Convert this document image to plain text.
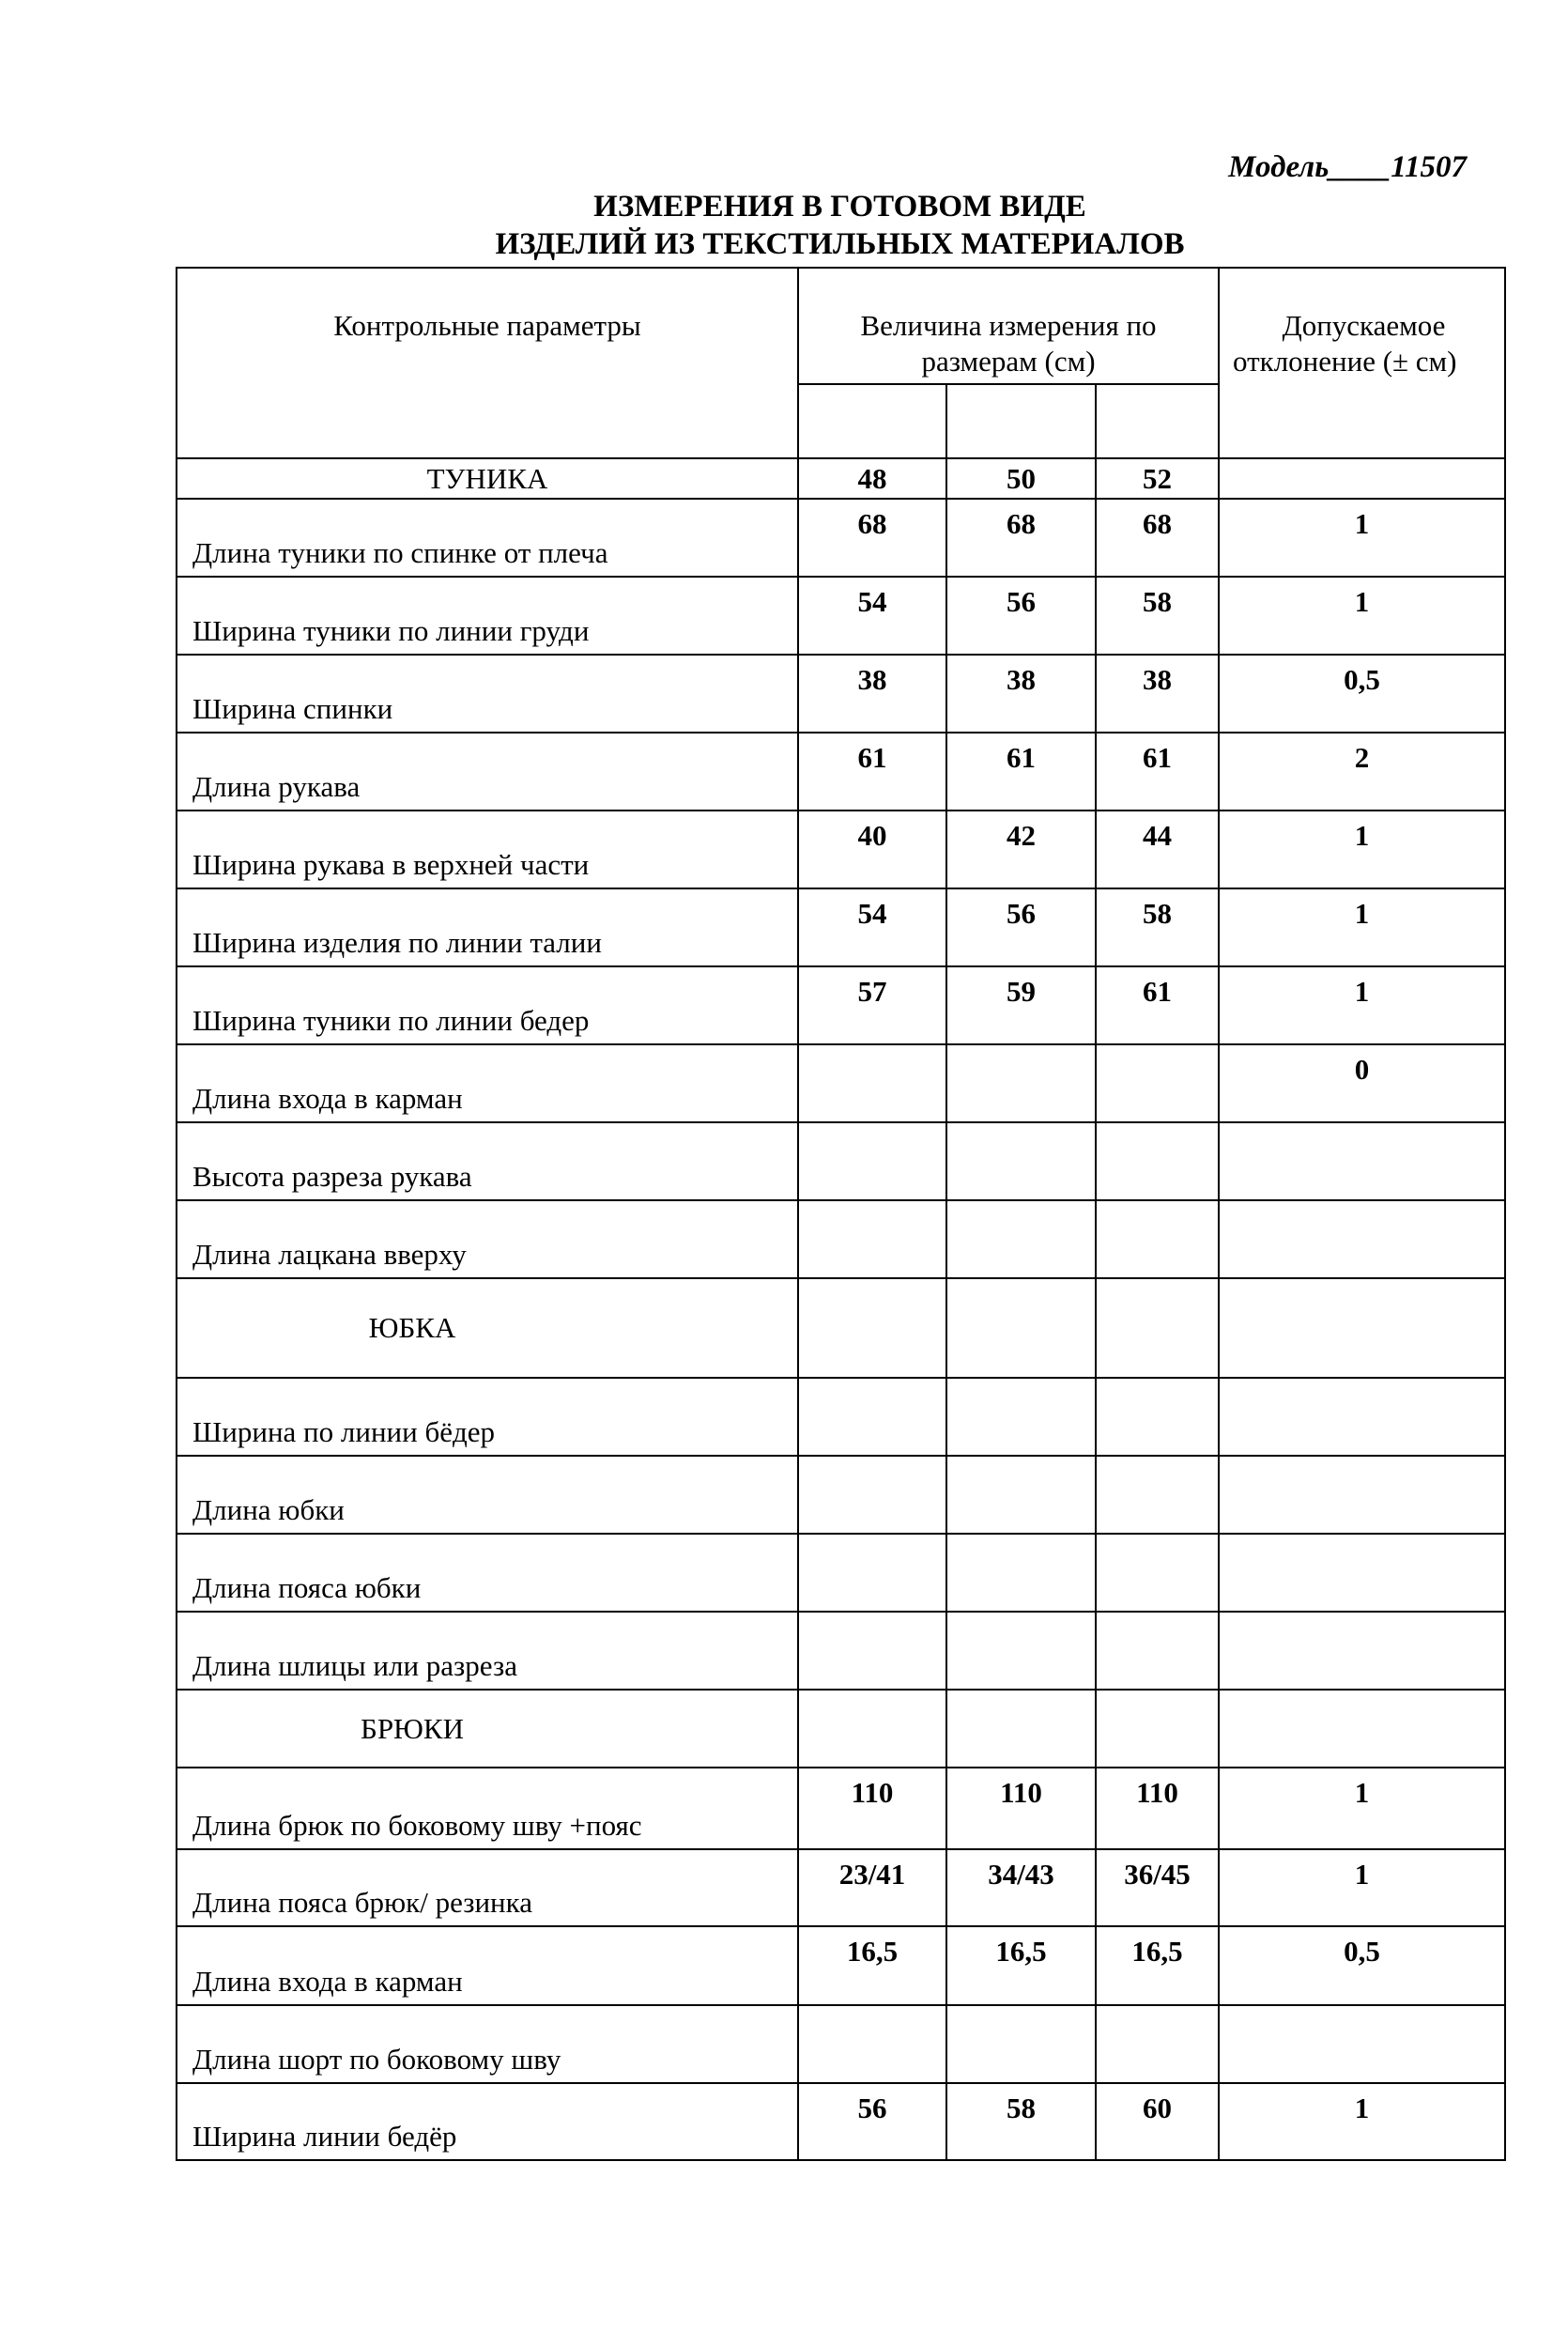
Модель____11507
ИЗМЕРЕНИЯ В ГОТОВОМ ВИДЕ
ИЗДЕЛИЙ ИЗ ТЕКСТИЛЬНЫХ МАТЕРИАЛОВ
Контрольные параметры	Величина измерения по размерам (см)			Допускаемое
отклонение (± см)

ТУНИКА	48	50	52	
Длина туники по спинке от плеча	68	68	68	1
Ширина туники по линии груди	54	56	58	1
Ширина спинки	38	38	38	0,5
Длина рукава	61	61	61	2
Ширина рукава в верхней части	40	42	44	1
Ширина изделия по линии талии	54	56	58	1
Ширина туники по линии бедер	57	59	61	1
Длина входа в карман				0
Высота разреза рукава				
Длина лацкана вверху				
ЮБКА				
Ширина по линии бёдер				
Длина юбки				
Длина пояса юбки				
Длина шлицы или разреза				
БРЮКИ				
Длина брюк по боковому шву +пояс	110	110	110	1
Длина пояса брюк/ резинка	23/41	34/43	36/45	1
Длина входа в карман	16,5	16,5	16,5	0,5
Длина шорт по боковому шву				
Ширина линии бедёр	56	58	60	1
